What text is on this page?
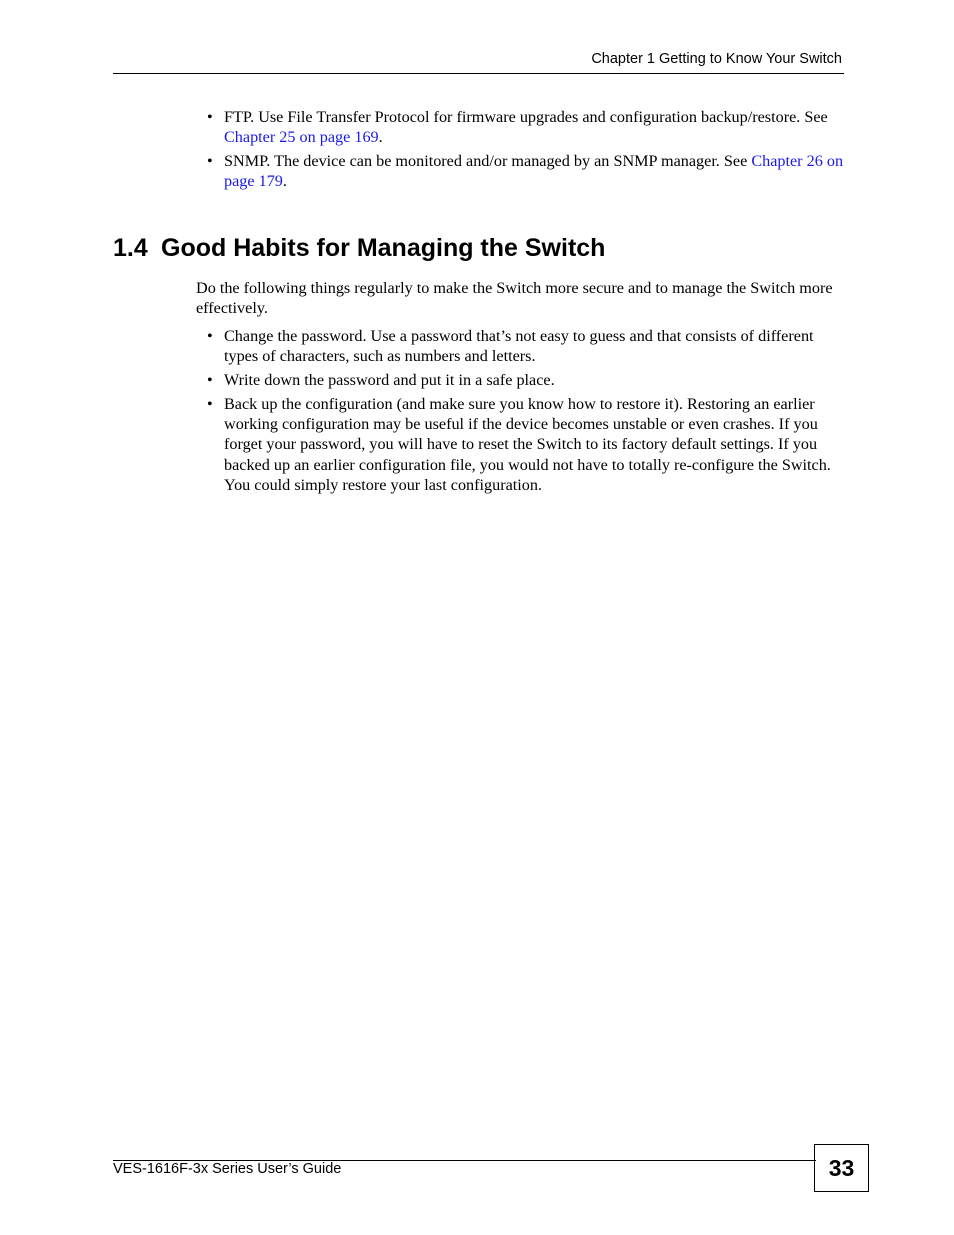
Chapter 1 Getting to Know Your Switch
• FTP. Use File Transfer Protocol for firmware upgrades and configuration backup/restore. See Chapter 25 on page 169.
• SNMP. The device can be monitored and/or managed by an SNMP manager. See Chapter 26 on page 179.
1.4 Good Habits for Managing the Switch

Do the following things regularly to make the Switch more secure and to manage the Switch more effectively.

• Change the password. Use a password that’s not easy to guess and that consists of different types of characters, such as numbers and letters.
• Write down the password and put it in a safe place.
• Back up the configuration (and make sure you know how to restore it). Restoring an earlier working configuration may be useful if the device becomes unstable or even crashes. If you forget your password, you will have to reset the Switch to its factory default settings. If you backed up an earlier configuration file, you would not have to totally re-configure the Switch. You could simply restore your last configuration.
VES-1616F-3x Series User’s Guide	33
